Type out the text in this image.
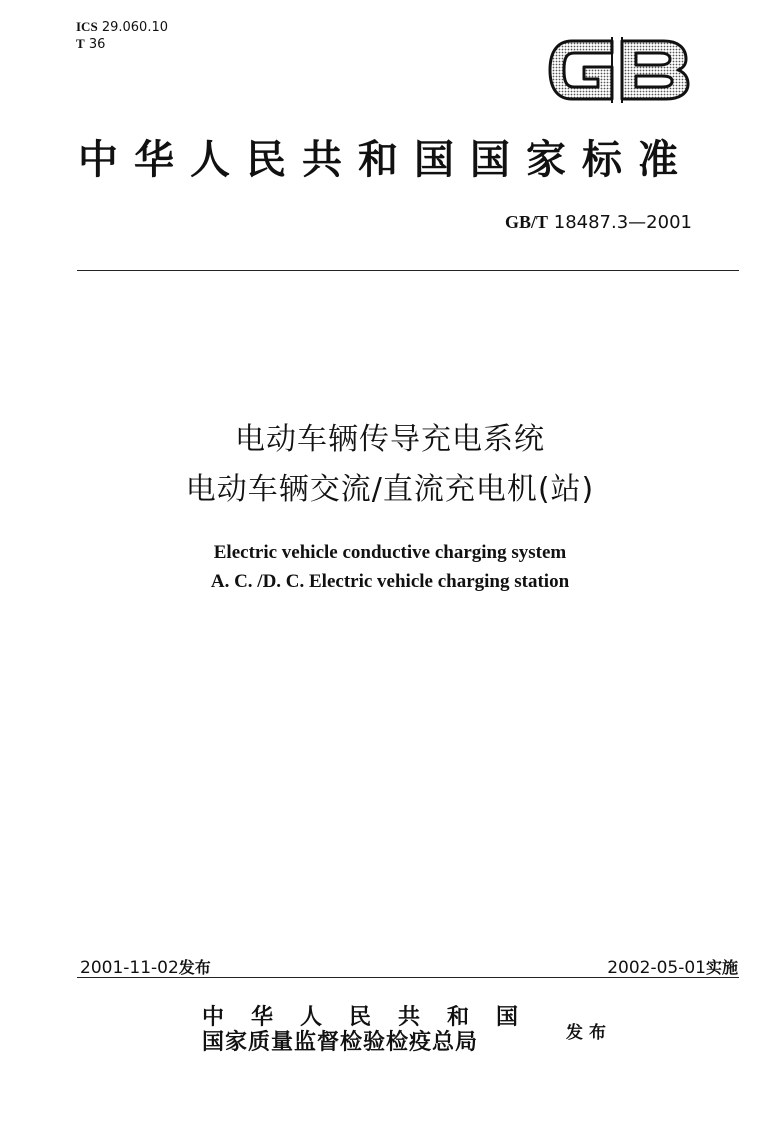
ICS 29.060.10
T 36
中华人民共和国国家标准
GB/T 18487.3—2001
电动车辆传导充电系统
电动车辆交流/直流充电机(站)
Electric vehicle conductive charging system
A. C. /D. C. Electric vehicle charging station
2001-11-02发布	2002-05-01实施
中华人民共和国
国家质量监督检验检疫总局	发布
